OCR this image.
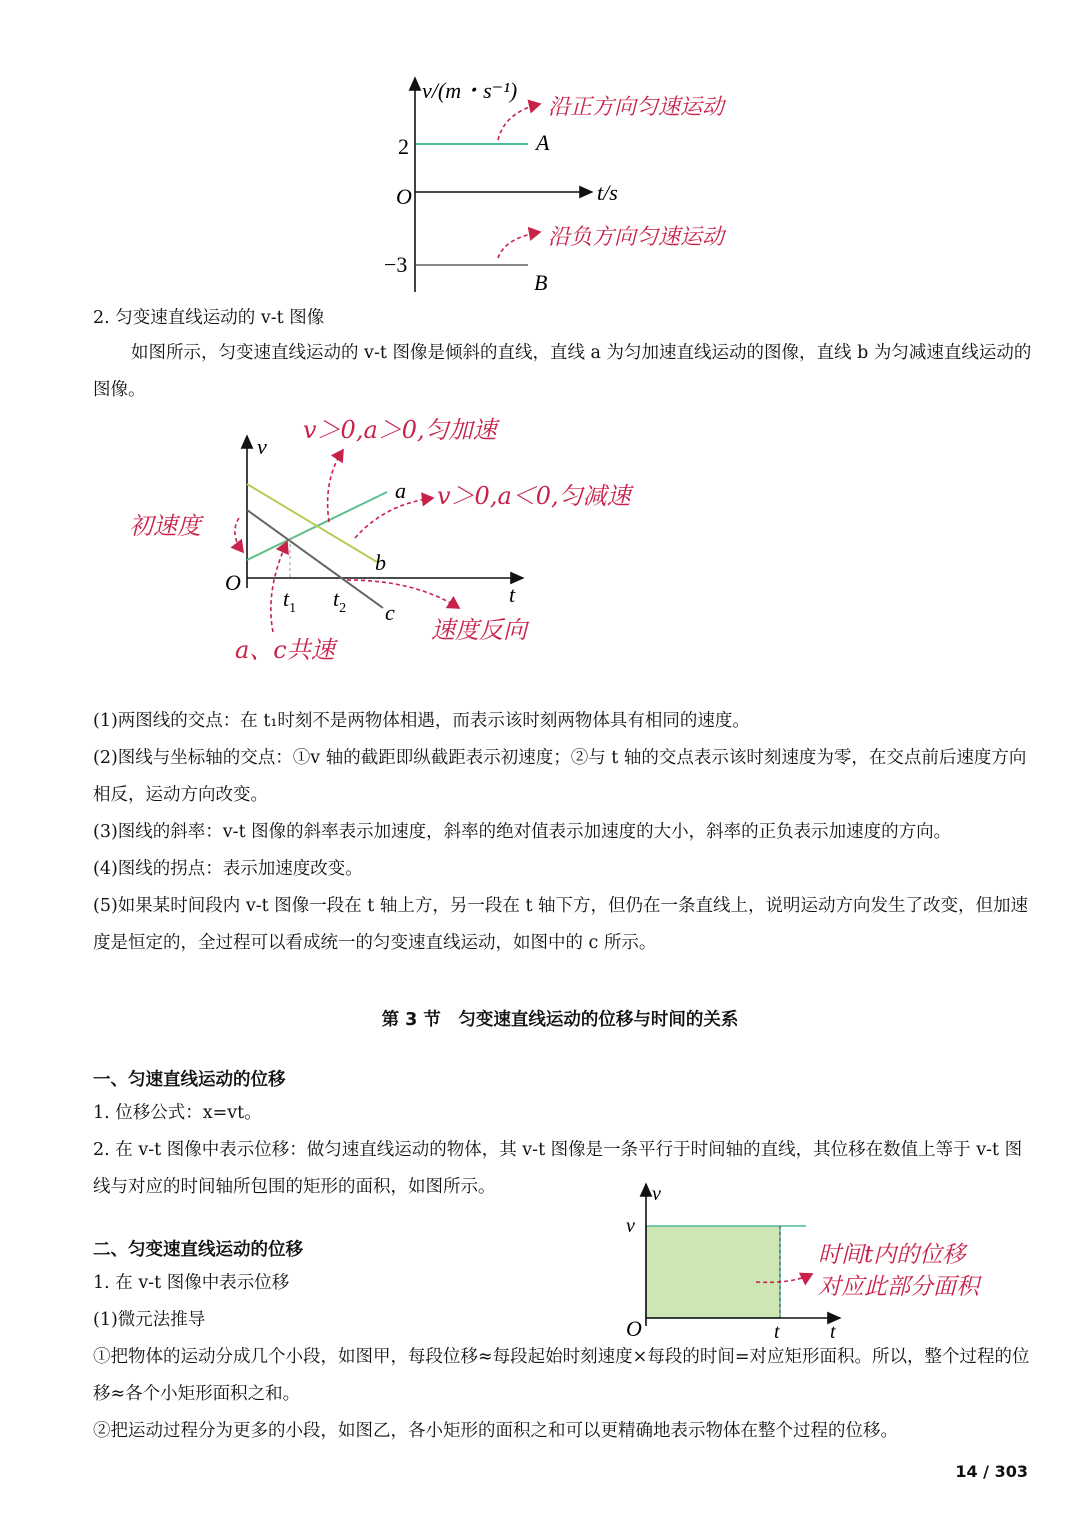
v/(m・s⁻¹)
t/s
O
2
−3
A
B
沿正方向匀速运动
沿负方向匀速运动
2. 匀变速直线运动的 v-t 图像

如图所示，匀变速直线运动的 v-t 图像是倾斜的直线，直线 a 为匀加速直线运动的图像，直线 b 为匀减速直线运动的图像。

v
t
O
a
b
c
$t_1$ $t_2$
v＞0,a＞0,匀加速
v＞0,a＜0,匀减速
初速度
a、c共速
速度反向

(1)两图线的交点：在 t₁时刻不是两物体相遇，而表示该时刻两物体具有相同的速度。

(2)图线与坐标轴的交点：①v 轴的截距即纵截距表示初速度；②与 t 轴的交点表示该时刻速度为零，在交点前后速度方向相反，运动方向改变。

(3)图线的斜率：v-t 图像的斜率表示加速度，斜率的绝对值表示加速度的大小，斜率的正负表示加速度的方向。

(4)图线的拐点：表示加速度改变。

(5)如果某时间段内 v-t 图像一段在 t 轴上方，另一段在 t 轴下方，但仍在一条直线上，说明运动方向发生了改变，但加速度是恒定的，全过程可以看成统一的匀变速直线运动，如图中的 c 所示。

第 3 节　匀变速直线运动的位移与时间的关系
一、匀速直线运动的位移

1. 位移公式：x=vt。

2. 在 v-t 图像中表示位移：做匀速直线运动的物体，其 v-t 图像是一条平行于时间轴的直线，其位移在数值上等于 v-t 图线与对应的时间轴所包围的矩形的面积，如图所示。	v
v
O	t	t
时间t内的位移
对应此部分面积
二、匀变速直线运动的位移

1. 在 v-t 图像中表示位移

(1)微元法推导

①把物体的运动分成几个小段，如图甲，每段位移≈每段起始时刻速度×每段的时间=对应矩形面积。所以，整个过程的位移≈各个小矩形面积之和。

②把运动过程分为更多的小段，如图乙，各小矩形的面积之和可以更精确地表示物体在整个过程的位移。

14 / 303
